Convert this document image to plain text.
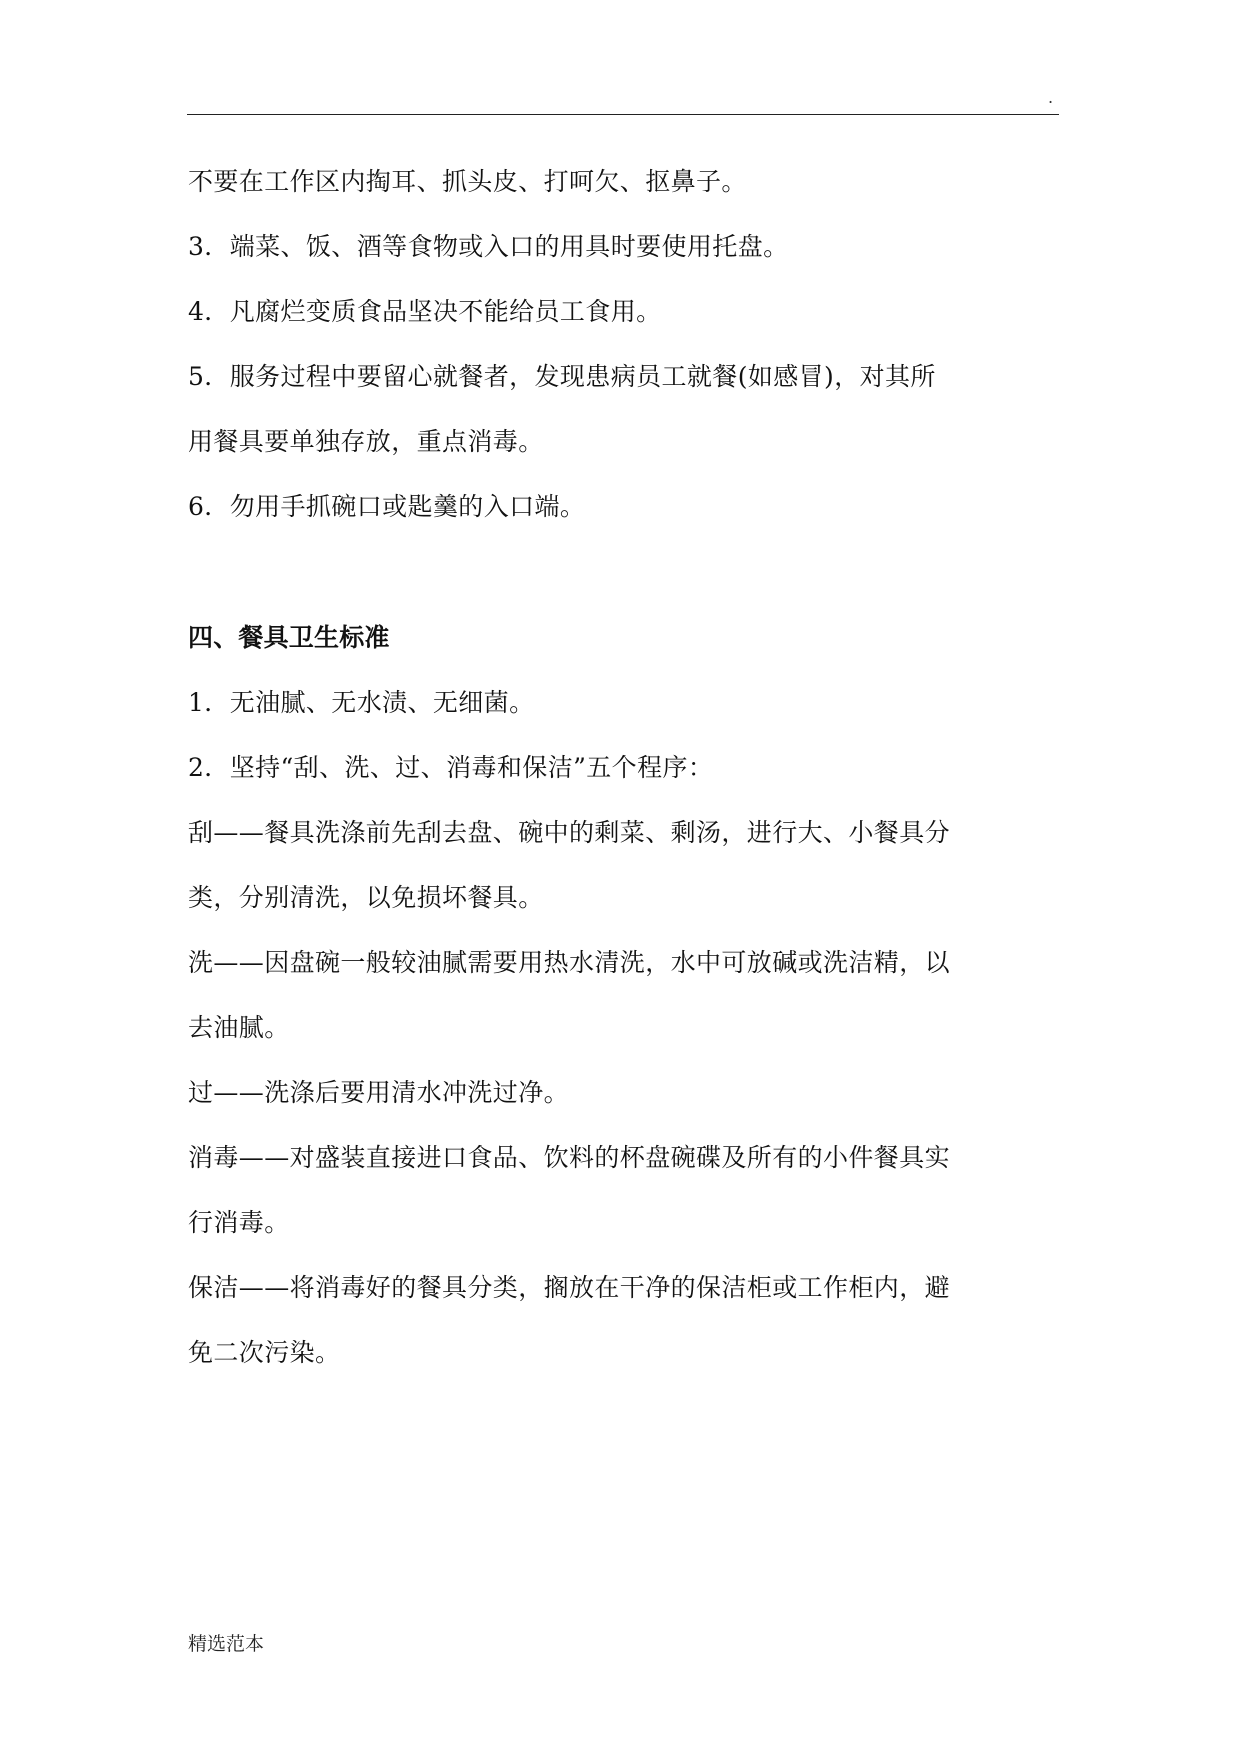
.
不要在工作区内掏耳、抓头皮、打呵欠、抠鼻子。
3．端菜、饭、酒等食物或入口的用具时要使用托盘。
4．凡腐烂变质食品坚决不能给员工食用。
5．服务过程中要留心就餐者，发现患病员工就餐(如感冒)，对其所
用餐具要单独存放，重点消毒。
6．勿用手抓碗口或匙羹的入口端。
四、餐具卫生标准
1．无油腻、无水渍、无细菌。
2．坚持“刮、洗、过、消毒和保洁”五个程序：
刮——餐具洗涤前先刮去盘、碗中的剩菜、剩汤，进行大、小餐具分
类，分别清洗，以免损坏餐具。
洗——因盘碗一般较油腻需要用热水清洗，水中可放碱或洗洁精，以
去油腻。
过——洗涤后要用清水冲洗过净。
消毒——对盛装直接进口食品、饮料的杯盘碗碟及所有的小件餐具实
行消毒。
保洁——将消毒好的餐具分类，搁放在干净的保洁柜或工作柜内，避
免二次污染。
精选范本
